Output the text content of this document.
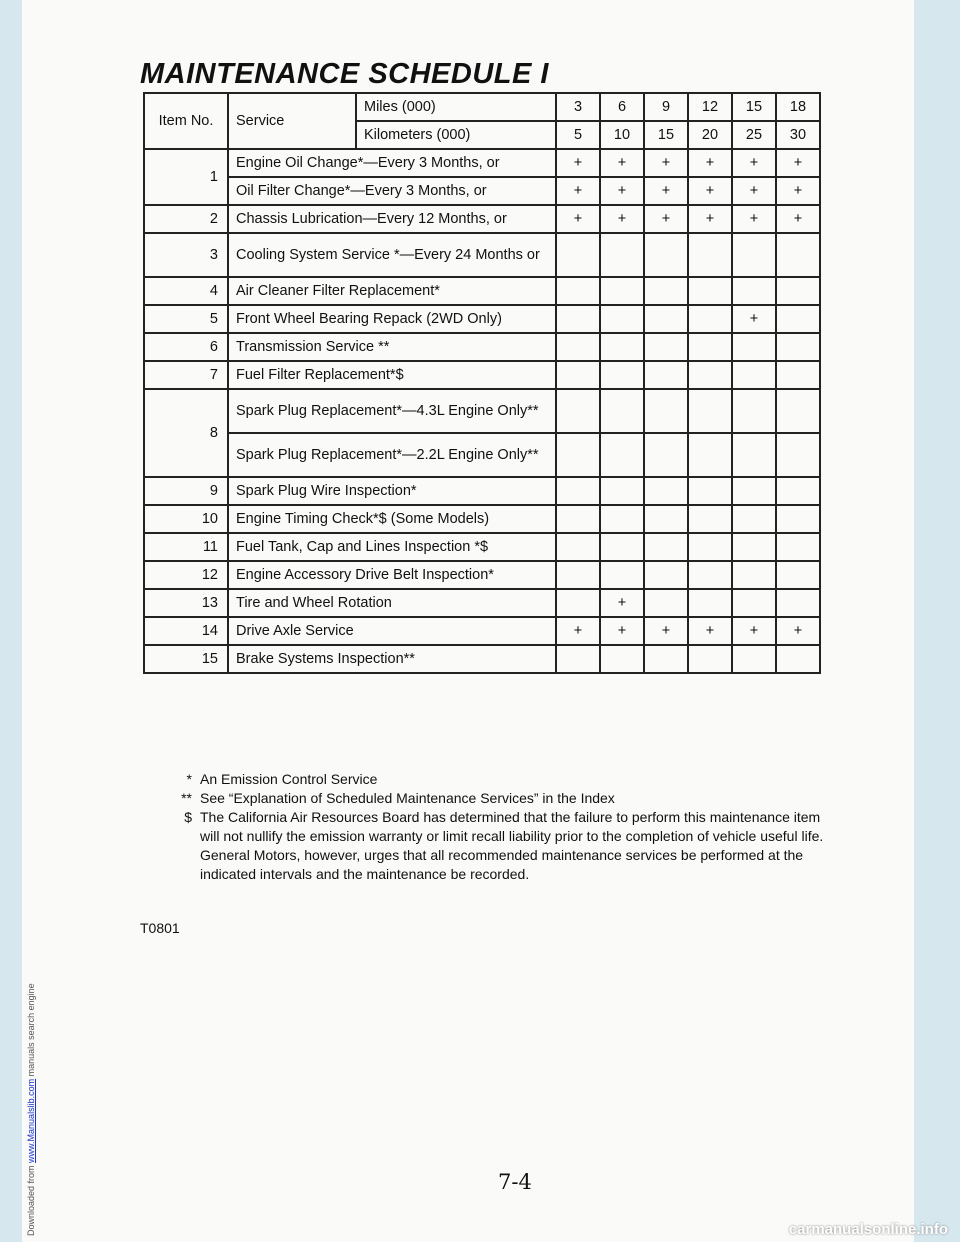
Downloaded from www.Manualslib.com manuals search engine
MAINTENANCE SCHEDULE I
Item No.	Service	Miles (000)	3	6	9	12	15	18
		Kilometers (000)	5	10	15	20	25	30
1	Engine Oil Change*—Every 3 Months, or		+	+	+	+	+	+
	Oil Filter Change*—Every 3 Months, or		+	+	+	+	+	+
2	Chassis Lubrication—Every 12 Months, or		+	+	+	+	+	+
3	Cooling System Service *—Every 24 Months or							
4	Air Cleaner Filter Replacement*							
5	Front Wheel Bearing Repack (2WD Only)						+	
6	Transmission Service **							
7	Fuel Filter Replacement*$							
8	Spark Plug Replacement*—4.3L Engine Only**							
	Spark Plug Replacement*—2.2L Engine Only**							
9	Spark Plug Wire Inspection*							
10	Engine Timing Check*$ (Some Models)							
11	Fuel Tank, Cap and Lines Inspection *$							
12	Engine Accessory Drive Belt Inspection*							
13	Tire and Wheel Rotation			+				
14	Drive Axle Service		+	+	+	+	+	+
15	Brake Systems Inspection**							
* An Emission Control Service
** See “Explanation of Scheduled Maintenance Services” in the Index
$ The California Air Resources Board has determined that the failure to perform this maintenance item will not nullify the emission warranty or limit recall liability prior to the completion of vehicle useful life. General Motors, however, urges that all recommended maintenance services be performed at the indicated intervals and the maintenance be recorded.
T0801
7-4
carmanualsonline.info
